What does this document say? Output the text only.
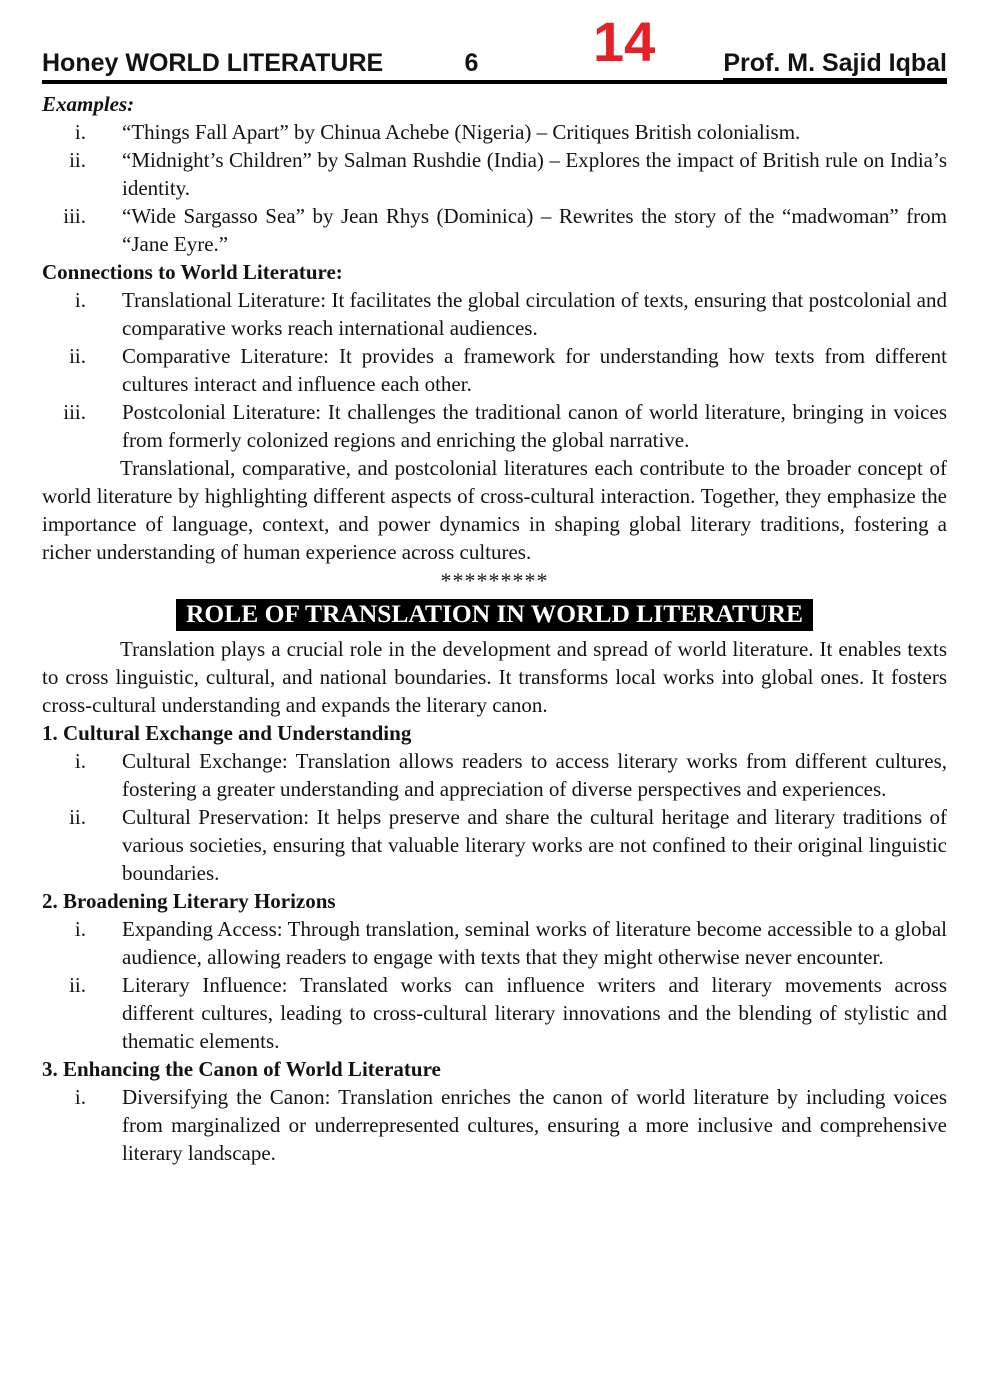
Honey WORLD LITERATURE	6	Prof. M. Sajid Iqbal
14
Examples:
i. “Things Fall Apart” by Chinua Achebe (Nigeria) – Critiques British colonialism.
ii. “Midnight’s Children” by Salman Rushdie (India) – Explores the impact of British rule on India’s identity.
iii. “Wide Sargasso Sea” by Jean Rhys (Dominica) – Rewrites the story of the “madwoman” from “Jane Eyre.”
Connections to World Literature:
i. Translational Literature: It facilitates the global circulation of texts, ensuring that postcolonial and comparative works reach international audiences.
ii. Comparative Literature: It provides a framework for understanding how texts from different cultures interact and influence each other.
iii. Postcolonial Literature: It challenges the traditional canon of world literature, bringing in voices from formerly colonized regions and enriching the global narrative.
Translational, comparative, and postcolonial literatures each contribute to the broader concept of world literature by highlighting different aspects of cross-cultural interaction. Together, they emphasize the importance of language, context, and power dynamics in shaping global literary traditions, fostering a richer understanding of human experience across cultures.
*********
ROLE OF TRANSLATION IN WORLD LITERATURE
Translation plays a crucial role in the development and spread of world literature. It enables texts to cross linguistic, cultural, and national boundaries. It transforms local works into global ones. It fosters cross-cultural understanding and expands the literary canon.
1. Cultural Exchange and Understanding
i. Cultural Exchange: Translation allows readers to access literary works from different cultures, fostering a greater understanding and appreciation of diverse perspectives and experiences.
ii. Cultural Preservation: It helps preserve and share the cultural heritage and literary traditions of various societies, ensuring that valuable literary works are not confined to their original linguistic boundaries.
2. Broadening Literary Horizons
i. Expanding Access: Through translation, seminal works of literature become accessible to a global audience, allowing readers to engage with texts that they might otherwise never encounter.
ii. Literary Influence: Translated works can influence writers and literary movements across different cultures, leading to cross-cultural literary innovations and the blending of stylistic and thematic elements.
3. Enhancing the Canon of World Literature
i. Diversifying the Canon: Translation enriches the canon of world literature by including voices from marginalized or underrepresented cultures, ensuring a more inclusive and comprehensive literary landscape.
